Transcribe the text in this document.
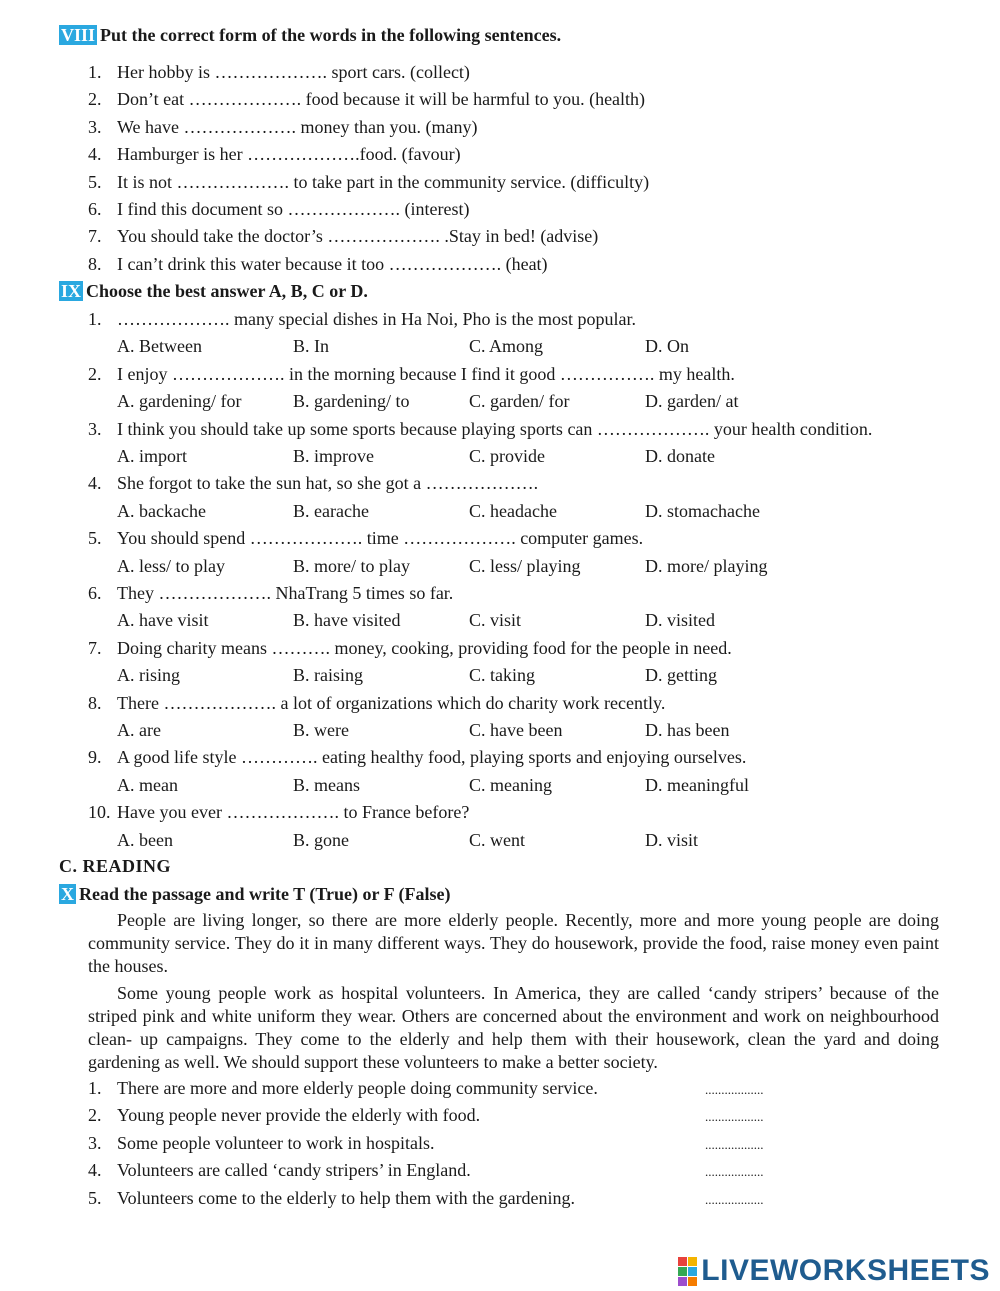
VIII Put the correct form of the words in the following sentences.
1. Her hobby is ………………. sport cars. (collect)
2. Don’t eat ………………. food because it will be harmful to you. (health)
3. We have ………………. money than you. (many)
4. Hamburger is her ……………….food. (favour)
5. It is not ………………. to take part in the community service. (difficulty)
6. I find this document so ………………. (interest)
7. You should take the doctor’s ………………. .Stay in bed! (advise)
8. I can’t drink this water because it too ………………. (heat)
IX Choose the best answer A, B, C or D.
1. ………………. many special dishes in Ha Noi, Pho is the most popular.
A. Between	B. In	C. Among	D. On
2. I enjoy ………………. in the morning because I find it good ……………. my health.
A. gardening/ for	B. gardening/ to	C. garden/ for	D. garden/ at
3. I think you should take up some sports because playing sports can ………………. your health condition.
A. import	B. improve	C. provide	D. donate
4. She forgot to take the sun hat, so she got a ……………….
A. backache	B. earache	C. headache	D. stomachache
5. You should spend ………………. time ………………. computer games.
A. less/ to play	B. more/ to play	C. less/ playing	D. more/ playing
6. They ………………. NhaTrang 5 times so far.
A. have visit	B. have visited	C. visit	D. visited
7. Doing charity means ………. money, cooking, providing food for the people in need.
A. rising	B. raising	C. taking	D. getting
8. There ………………. a lot of organizations which do charity work recently.
A. are	B. were	C. have been	D. has been
9. A good life style …………. eating healthy food, playing sports and enjoying ourselves.
A. mean	B. means	C. meaning	D. meaningful
10. Have you ever ………………. to France before?
A. been	B. gone	C. went	D. visit
C. READING
X Read the passage and write T (True) or F (False)
People are living longer, so there are more elderly people. Recently, more and more young people are doing community service. They do it in many different ways. They do housework, provide the food, raise money even paint the houses.
Some young people work as hospital volunteers. In America, they are called ‘candy stripers’ because of the striped pink and white uniform they wear. Others are concerned about the environment and work on neighbourhood clean- up campaigns. They come to the elderly and help them with their housework, clean the yard and doing gardening as well. We should support these volunteers to make a better society.
1. There are more and more elderly people doing community service.	..................
2. Young people never provide the elderly with food.	..................
3. Some people volunteer to work in hospitals.	..................
4. Volunteers are called ‘candy stripers’ in England.	..................
5. Volunteers come to the elderly to help them with the gardening.	..................
LIVEWORKSHEETS
